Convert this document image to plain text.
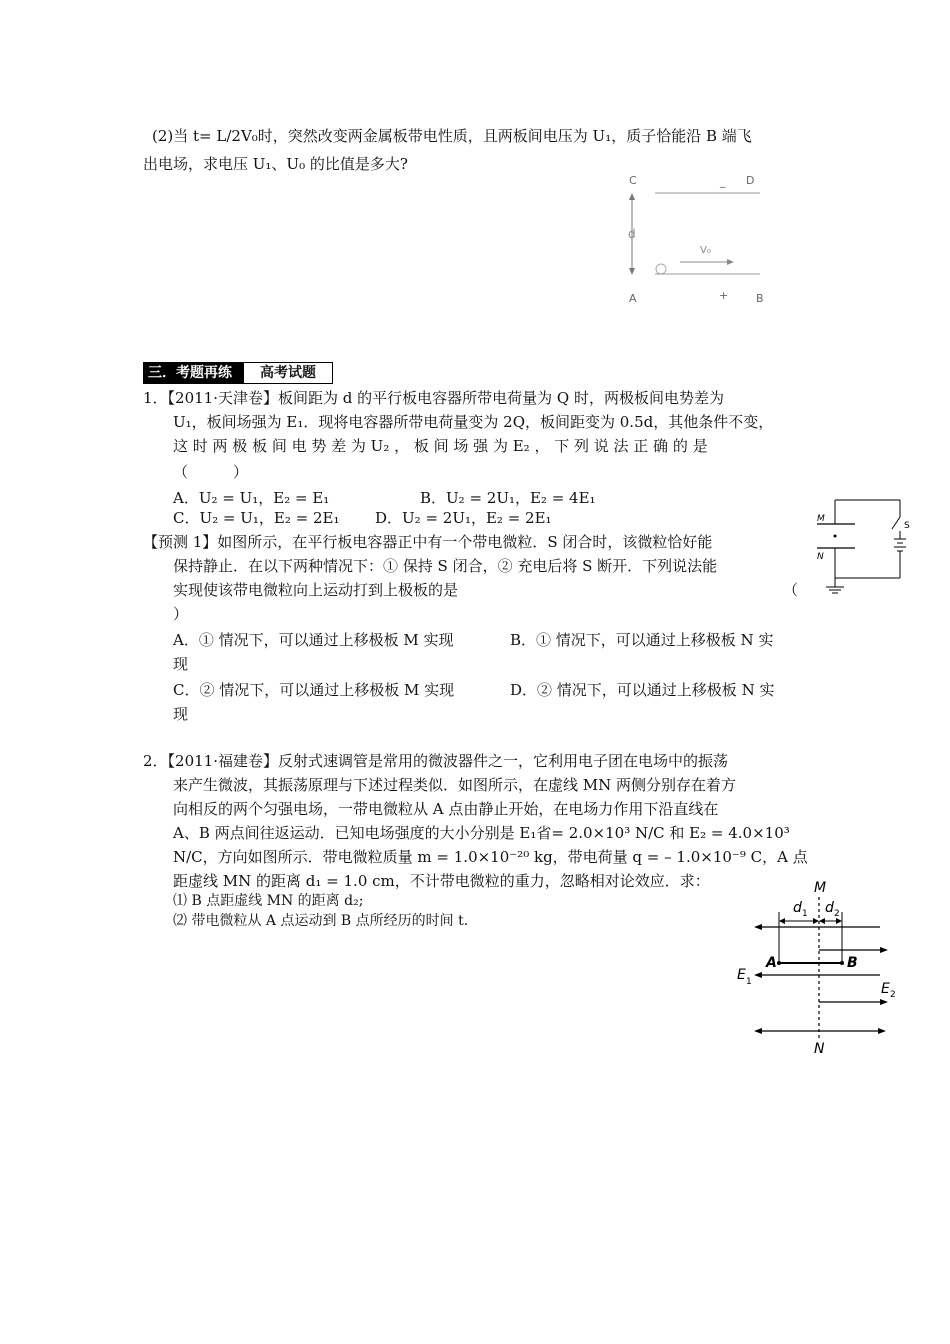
(2)当 t= L/2V₀时，突然改变两金属板带电性质，且两板间电压为 U₁，质子恰能沿 B 端飞
出电场，求电压 U₁、U₀ 的比值是多大?
C	D
_
d
V₀
A	+	B
三．考题再练	高考试题
1．【2011·天津卷】板间距为 d 的平行板电容器所带电荷量为 Q 时，两极板间电势差为
U₁，板间场强为 E₁．现将电容器所带电荷量变为 2Q，板间距变为 0.5d，其他条件不变，
这 时 两 极 板 间 电 势 差 为 U₂ ， 板 间 场 强 为 E₂ ， 下 列 说 法 正 确 的 是
（　　　）
A．U₂ = U₁，E₂ = E₁	B．U₂ = 2U₁，E₂ = 4E₁
C．U₂ = U₁，E₂ = 2E₁ D．U₂ = 2U₁，E₂ = 2E₁
【预测 1】如图所示，在平行板电容器正中有一个带电微粒．S 闭合时，该微粒恰好能
保持静止．在以下两种情况下：① 保持 S 闭合，② 充电后将 S 断开．下列说法能
实现使该带电微粒向上运动打到上极板的是	（
）
A．① 情况下，可以通过上移极板 M 实现	B．① 情况下，可以通过上移极板 N 实
现
C．② 情况下，可以通过上移极板 M 实现	D．② 情况下，可以通过上移极板 N 实
现
M
N
S
2．【2011·福建卷】反射式速调管是常用的微波器件之一，它利用电子团在电场中的振荡
来产生微波，其振荡原理与下述过程类似．如图所示，在虚线 MN 两侧分别存在着方
向相反的两个匀强电场，一带电微粒从 A 点由静止开始，在电场力作用下沿直线在
A、B 两点间往返运动．已知电场强度的大小分别是 E₁省= 2.0×10³ N/C 和 E₂ = 4.0×10³
N/C，方向如图所示．带电微粒质量 m = 1.0×10⁻²⁰ kg，带电荷量 q = – 1.0×10⁻⁹ C，A 点
距虚线 MN 的距离 d₁ = 1.0 cm，不计带电微粒的重力，忽略相对论效应．求：
⑴ B 点距虚线 MN 的距离 d₂;
⑵ 带电微粒从 A 点运动到 B 点所经历的时间 t.
M
N
d 1 d 2
A	B
E 1	E 2
